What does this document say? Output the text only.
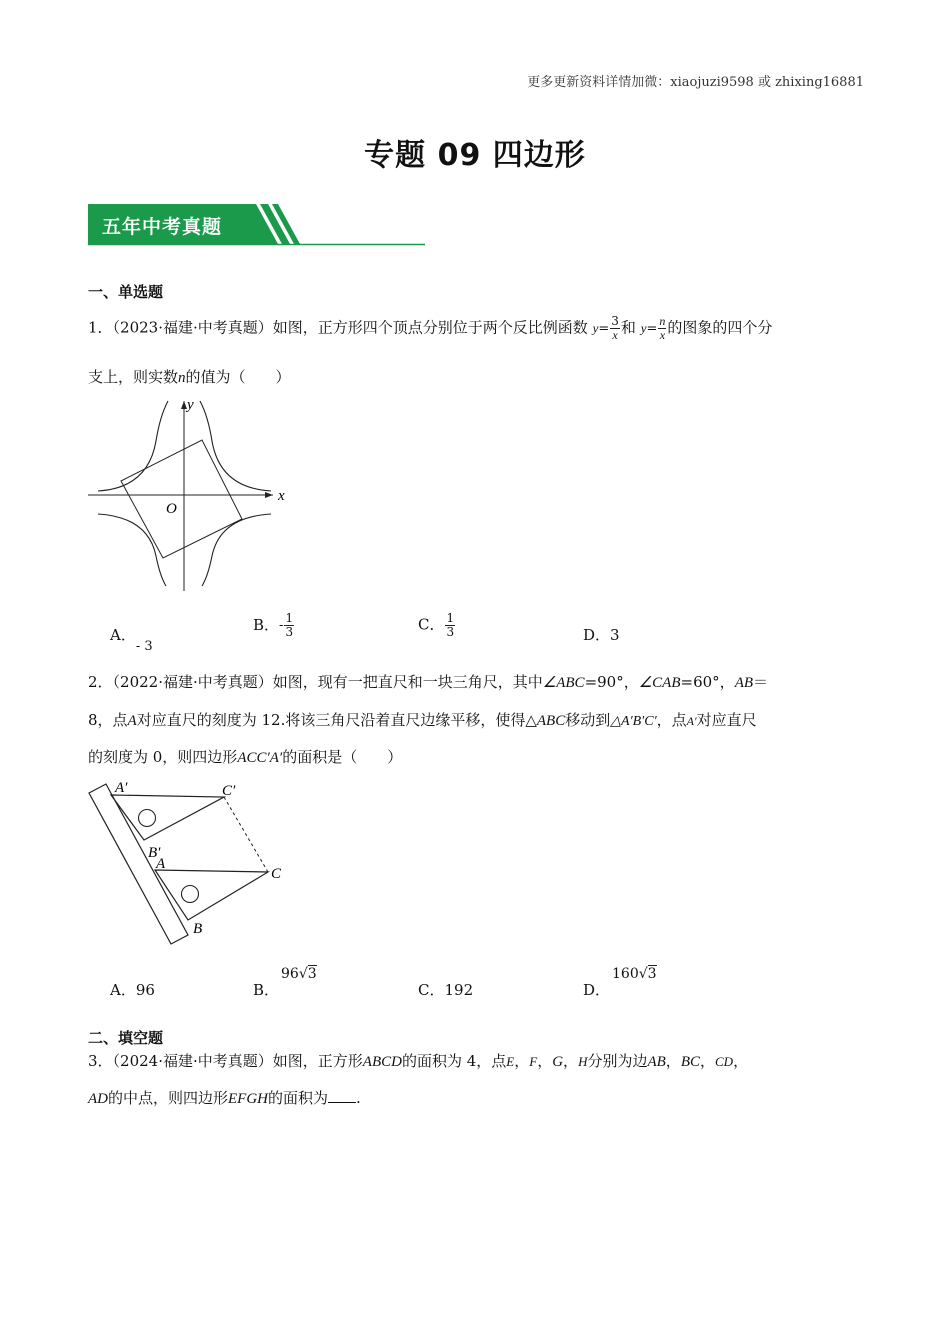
更多更新资料详情加微：xiaojuzi9598 或 zhixing16881
专题 09 四边形
五年中考真题
一、单选题
1．（2023·福建·中考真题）如图，正方形四个顶点分别位于两个反比例函数 $y= \frac{3}{x}$ 和 $y= \frac{n}{x}$ 的图象的四个分
支上，则实数n的值为（　　）
y
x
O
A．- 3
B．- $\frac{1}{3}$	C． $\frac{1}{3}$	D．3
2．（2022·福建·中考真题）如图，现有一把直尺和一块三角尺，其中∠ABC=90°，∠CAB=60°，AB＝
8，点A对应直尺的刻度为 12.将该三角尺沿着直尺边缘平移，使得△ABC移动到△A′B′C′，点A′对应直尺
的刻度为 0，则四边形ACC′A′的面积是（　　）
A′	C′
B′
A
C
B
A．96	B．
96√3
C．192	D．
160√3
二、填空题
3．（2024·福建·中考真题）如图，正方形ABCD的面积为 4，点E，F，G，H分别为边AB，BC，CD，
AD的中点，则四边形EFGH的面积为 .
